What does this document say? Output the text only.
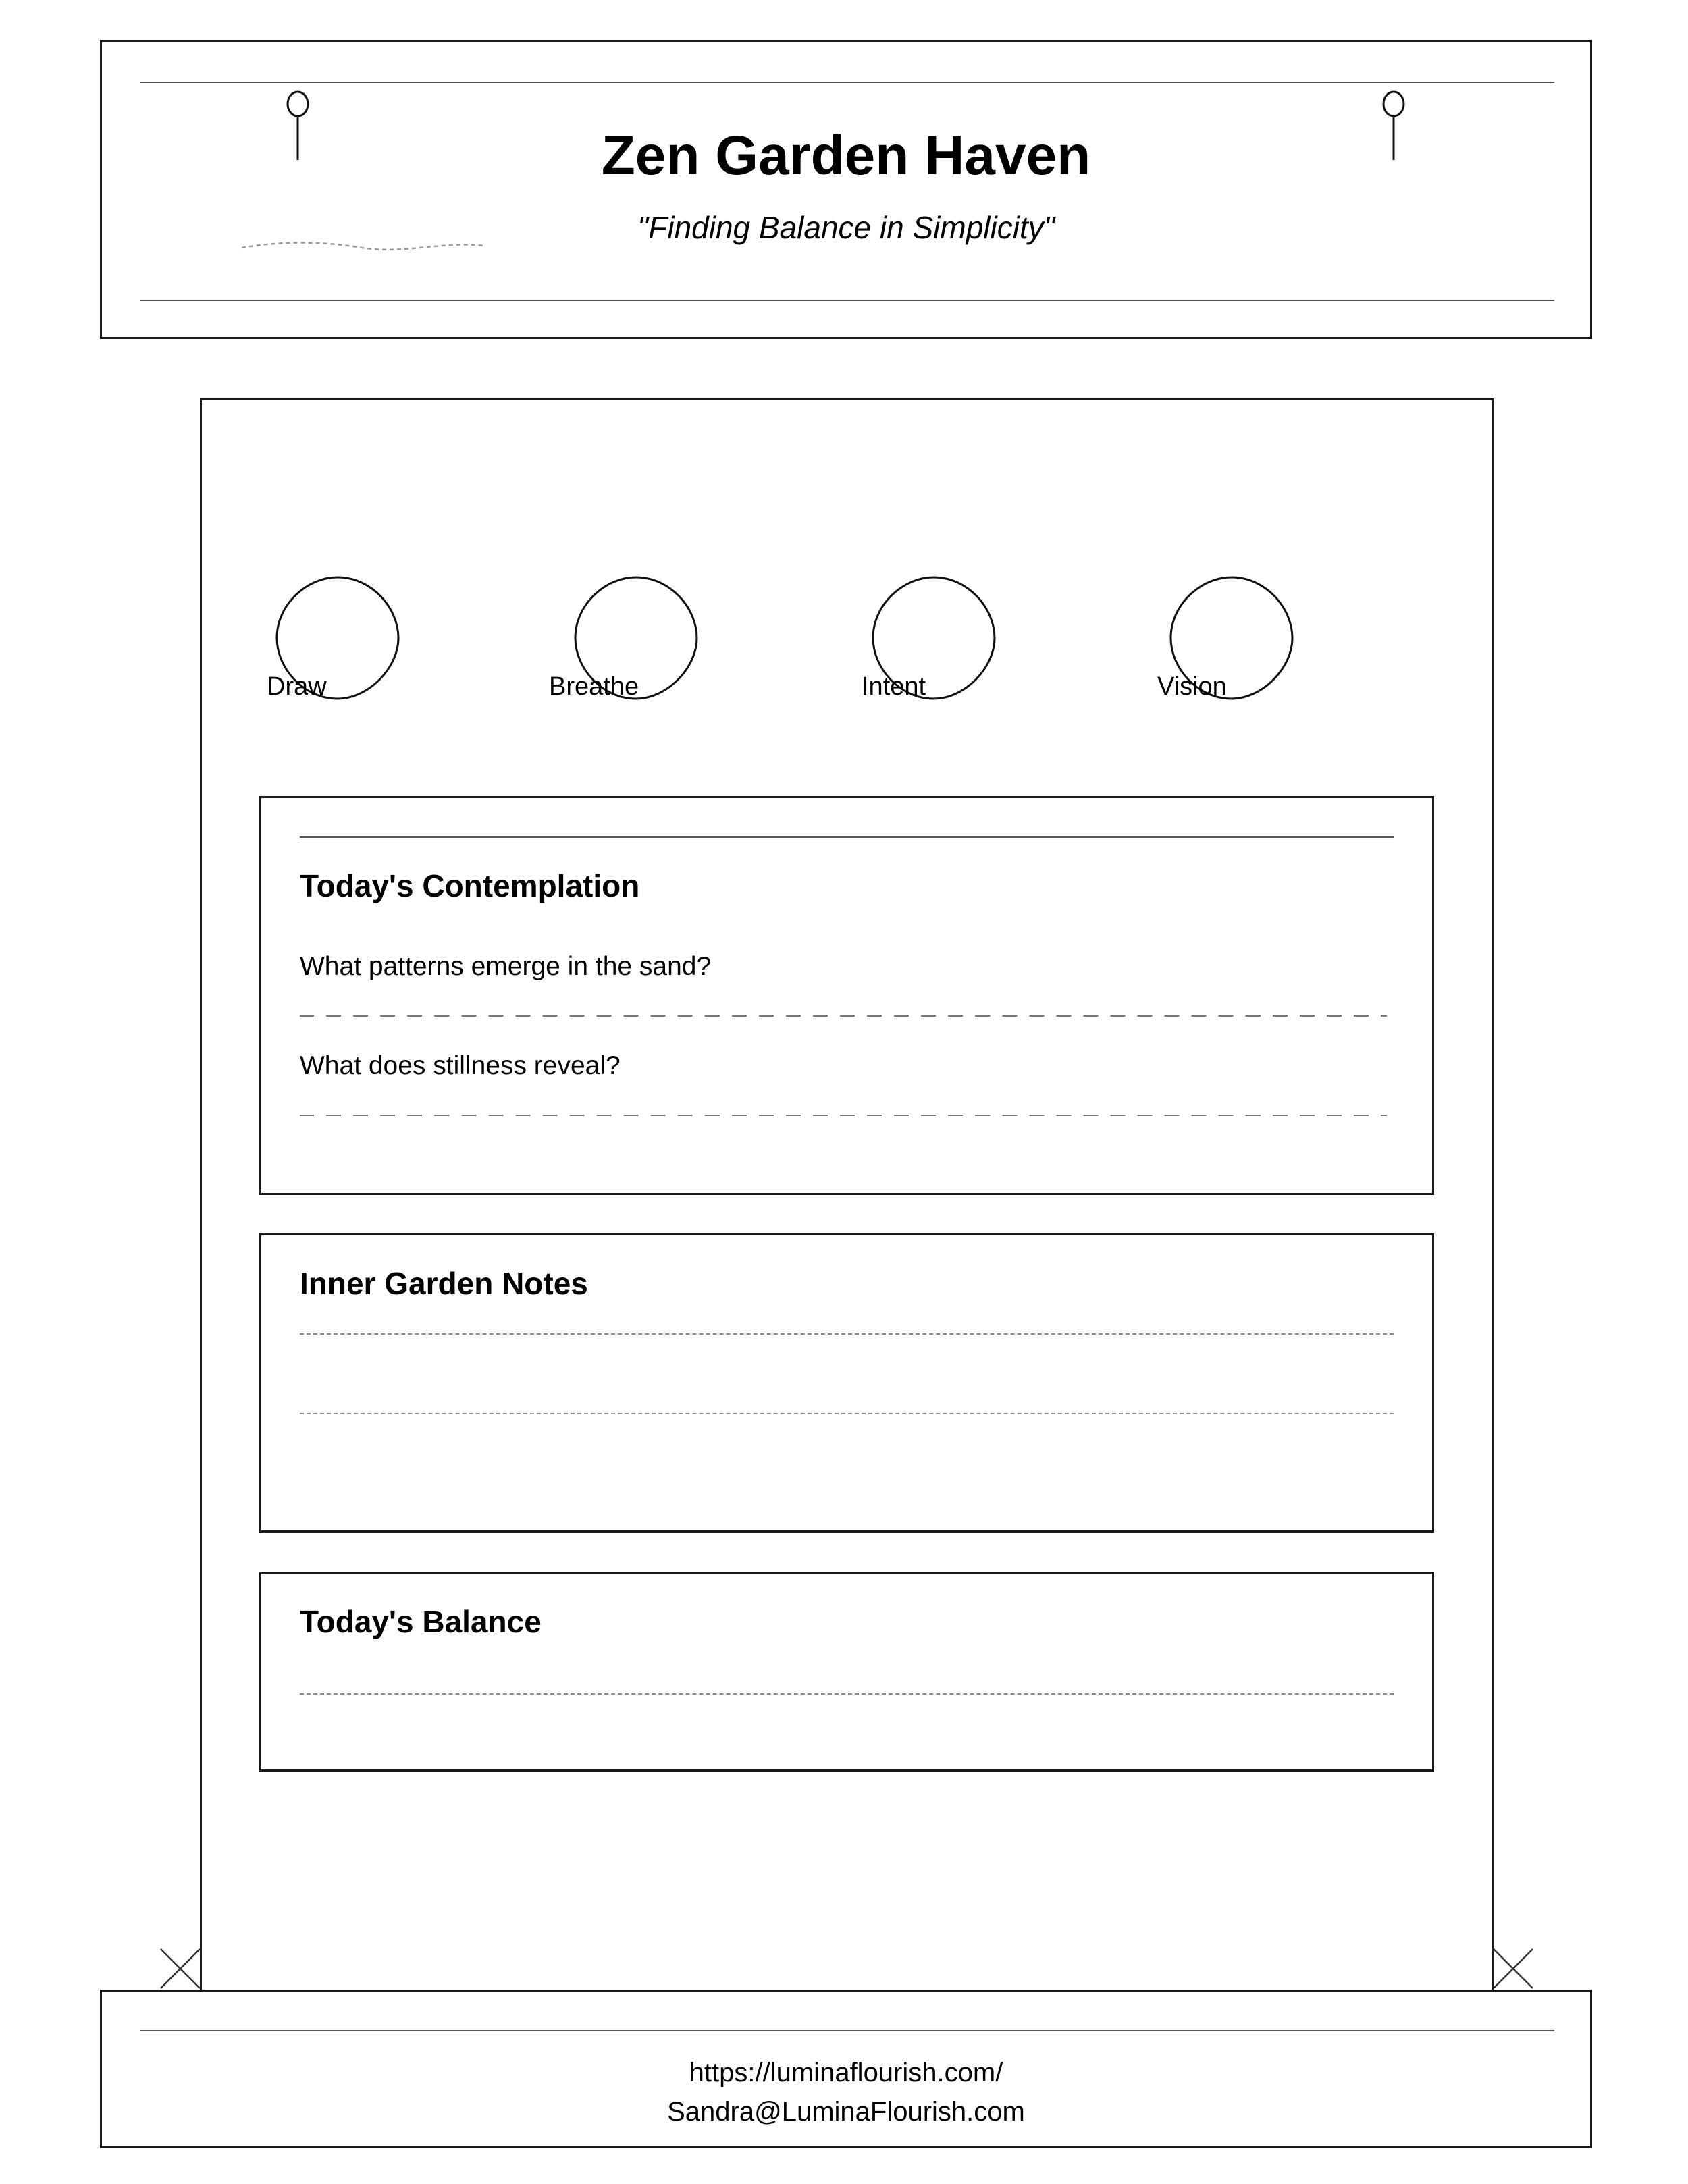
Zen Garden Haven
"Finding Balance in Simplicity"
Draw	Breathe	Intent	Vision
Today's Contemplation
What patterns emerge in the sand?
What does stillness reveal?
Inner Garden Notes
Today's Balance
https://luminaflourish.com/
Sandra@LuminaFlourish.com
